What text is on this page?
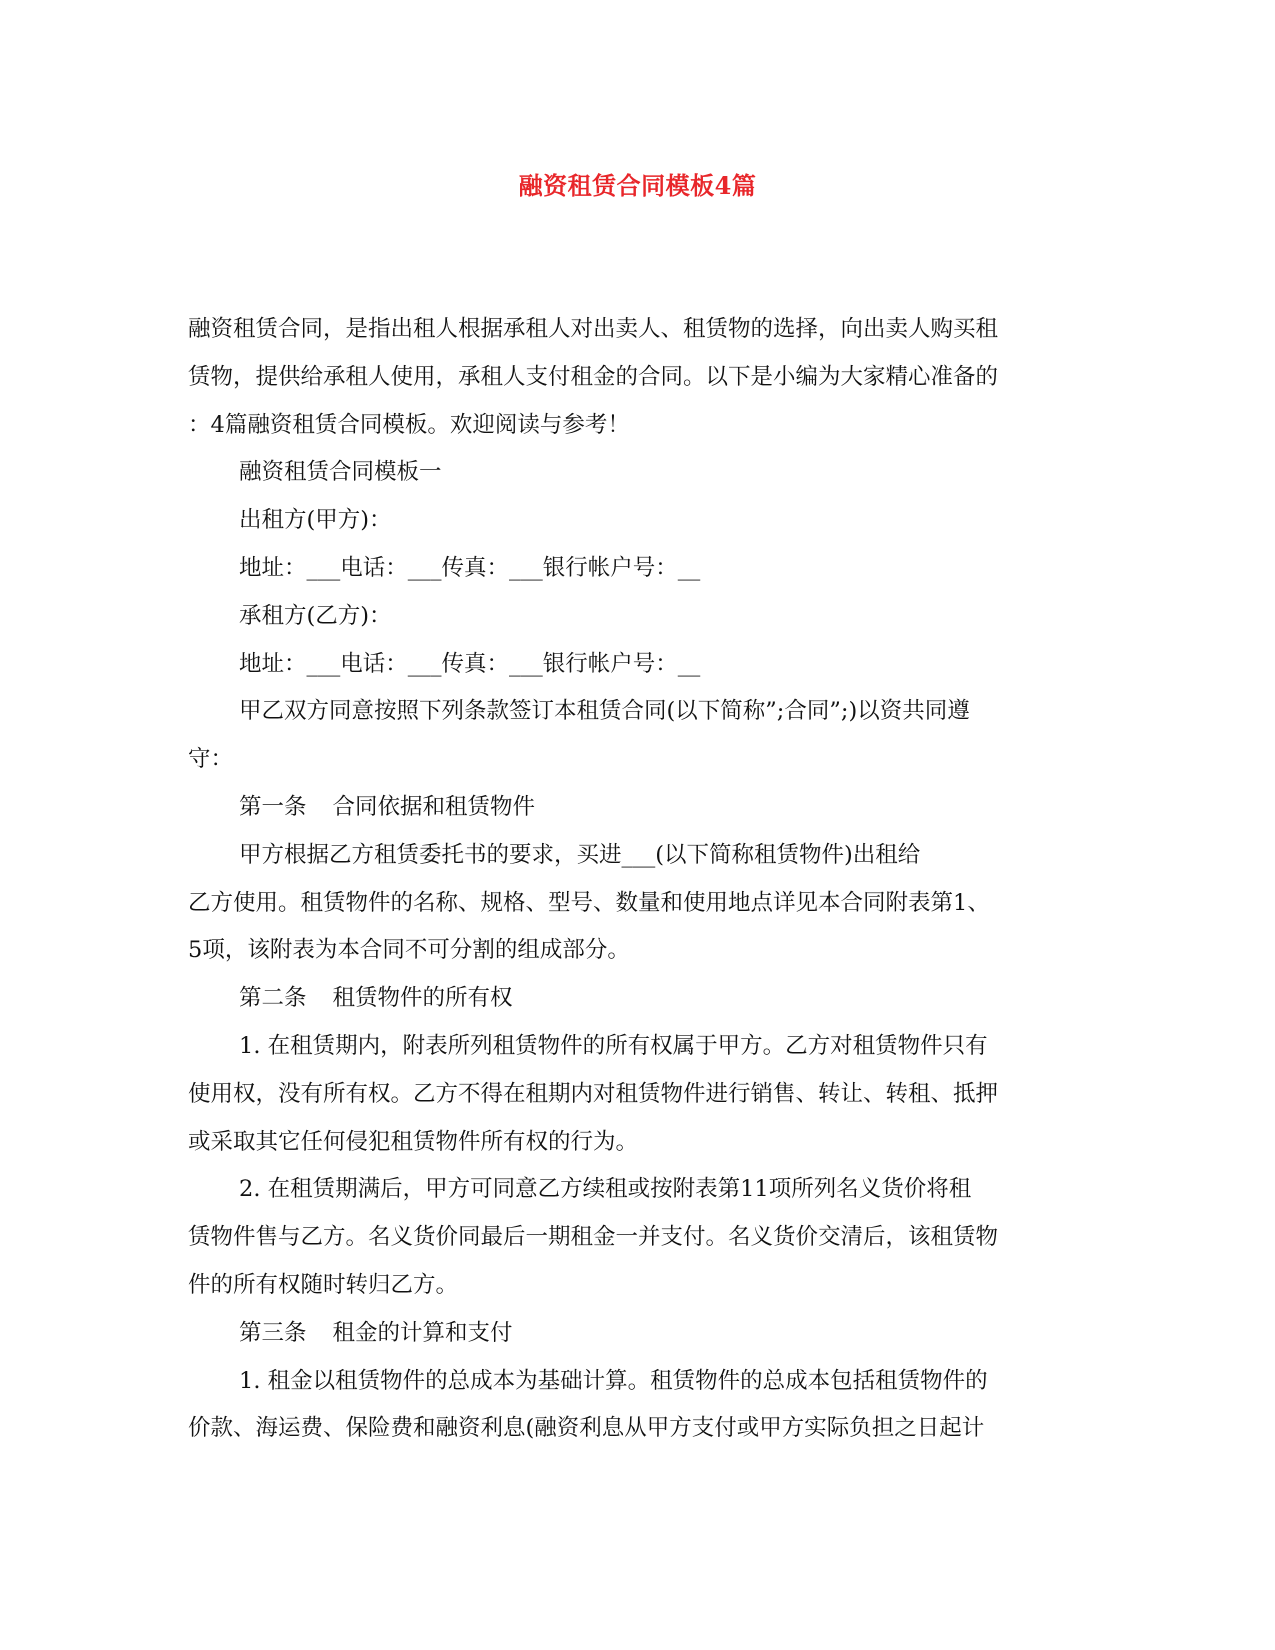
融资租赁合同模板4篇

融资租赁合同，是指出租人根据承租人对出卖人、租赁物的选择，向出卖人购买租

赁物，提供给承租人使用，承租人支付租金的合同。以下是小编为大家精心准备的

：4篇融资租赁合同模板。欢迎阅读与参考！

融资租赁合同模板一

出租方(甲方)：

地址：___电话：___传真：___银行帐户号：__

承租方(乙方)：

地址：___电话：___传真：___银行帐户号：__

甲乙双方同意按照下列条款签订本租赁合同(以下简称”;合同”;)以资共同遵

守：

第一条 合同依据和租赁物件

甲方根据乙方租赁委托书的要求，买进___(以下简称租赁物件)出租给

乙方使用。租赁物件的名称、规格、型号、数量和使用地点详见本合同附表第1、

5项，该附表为本合同不可分割的组成部分。

第二条 租赁物件的所有权

1. 在租赁期内，附表所列租赁物件的所有权属于甲方。乙方对租赁物件只有

使用权，没有所有权。乙方不得在租期内对租赁物件进行销售、转让、转租、抵押

或采取其它任何侵犯租赁物件所有权的行为。

2. 在租赁期满后，甲方可同意乙方续租或按附表第11项所列名义货价将租

赁物件售与乙方。名义货价同最后一期租金一并支付。名义货价交清后，该租赁物

件的所有权随时转归乙方。

第三条 租金的计算和支付

1. 租金以租赁物件的总成本为基础计算。租赁物件的总成本包括租赁物件的

价款、海运费、保险费和融资利息(融资利息从甲方支付或甲方实际负担之日起计
